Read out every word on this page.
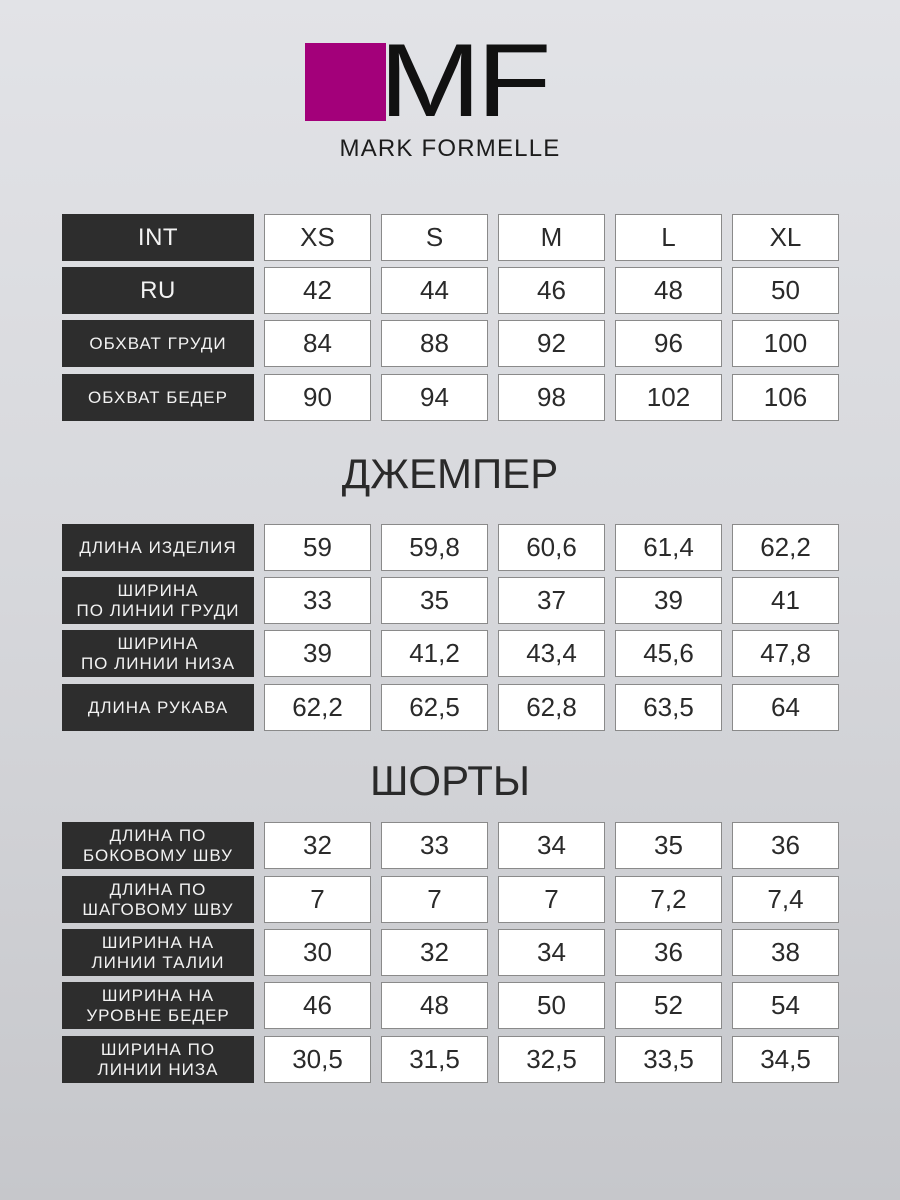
MF
MARK FORMELLE
INT	XS	S	M	L	XL
RU	42	44	46	48	50
ОБХВАТ ГРУДИ	84	88	92	96	100
ОБХВАТ БЕДЕР	90	94	98	102	106
ДЖЕМПЕР
ДЛИНА ИЗДЕЛИЯ	59	59,8	60,6	61,4	62,2
ШИРИНА
ПО ЛИНИИ ГРУДИ	33	35	37	39	41
ШИРИНА
ПО ЛИНИИ НИЗА	39	41,2	43,4	45,6	47,8
ДЛИНА РУКАВА	62,2	62,5	62,8	63,5	64
ШОРТЫ
ДЛИНА ПО
БОКОВОМУ ШВУ	32	33	34	35	36
ДЛИНА ПО
ШАГОВОМУ ШВУ	7	7	7	7,2	7,4
ШИРИНА НА
ЛИНИИ ТАЛИИ	30	32	34	36	38
ШИРИНА НА
УРОВНЕ БЕДЕР	46	48	50	52	54
ШИРИНА ПО
ЛИНИИ НИЗА	30,5	31,5	32,5	33,5	34,5
